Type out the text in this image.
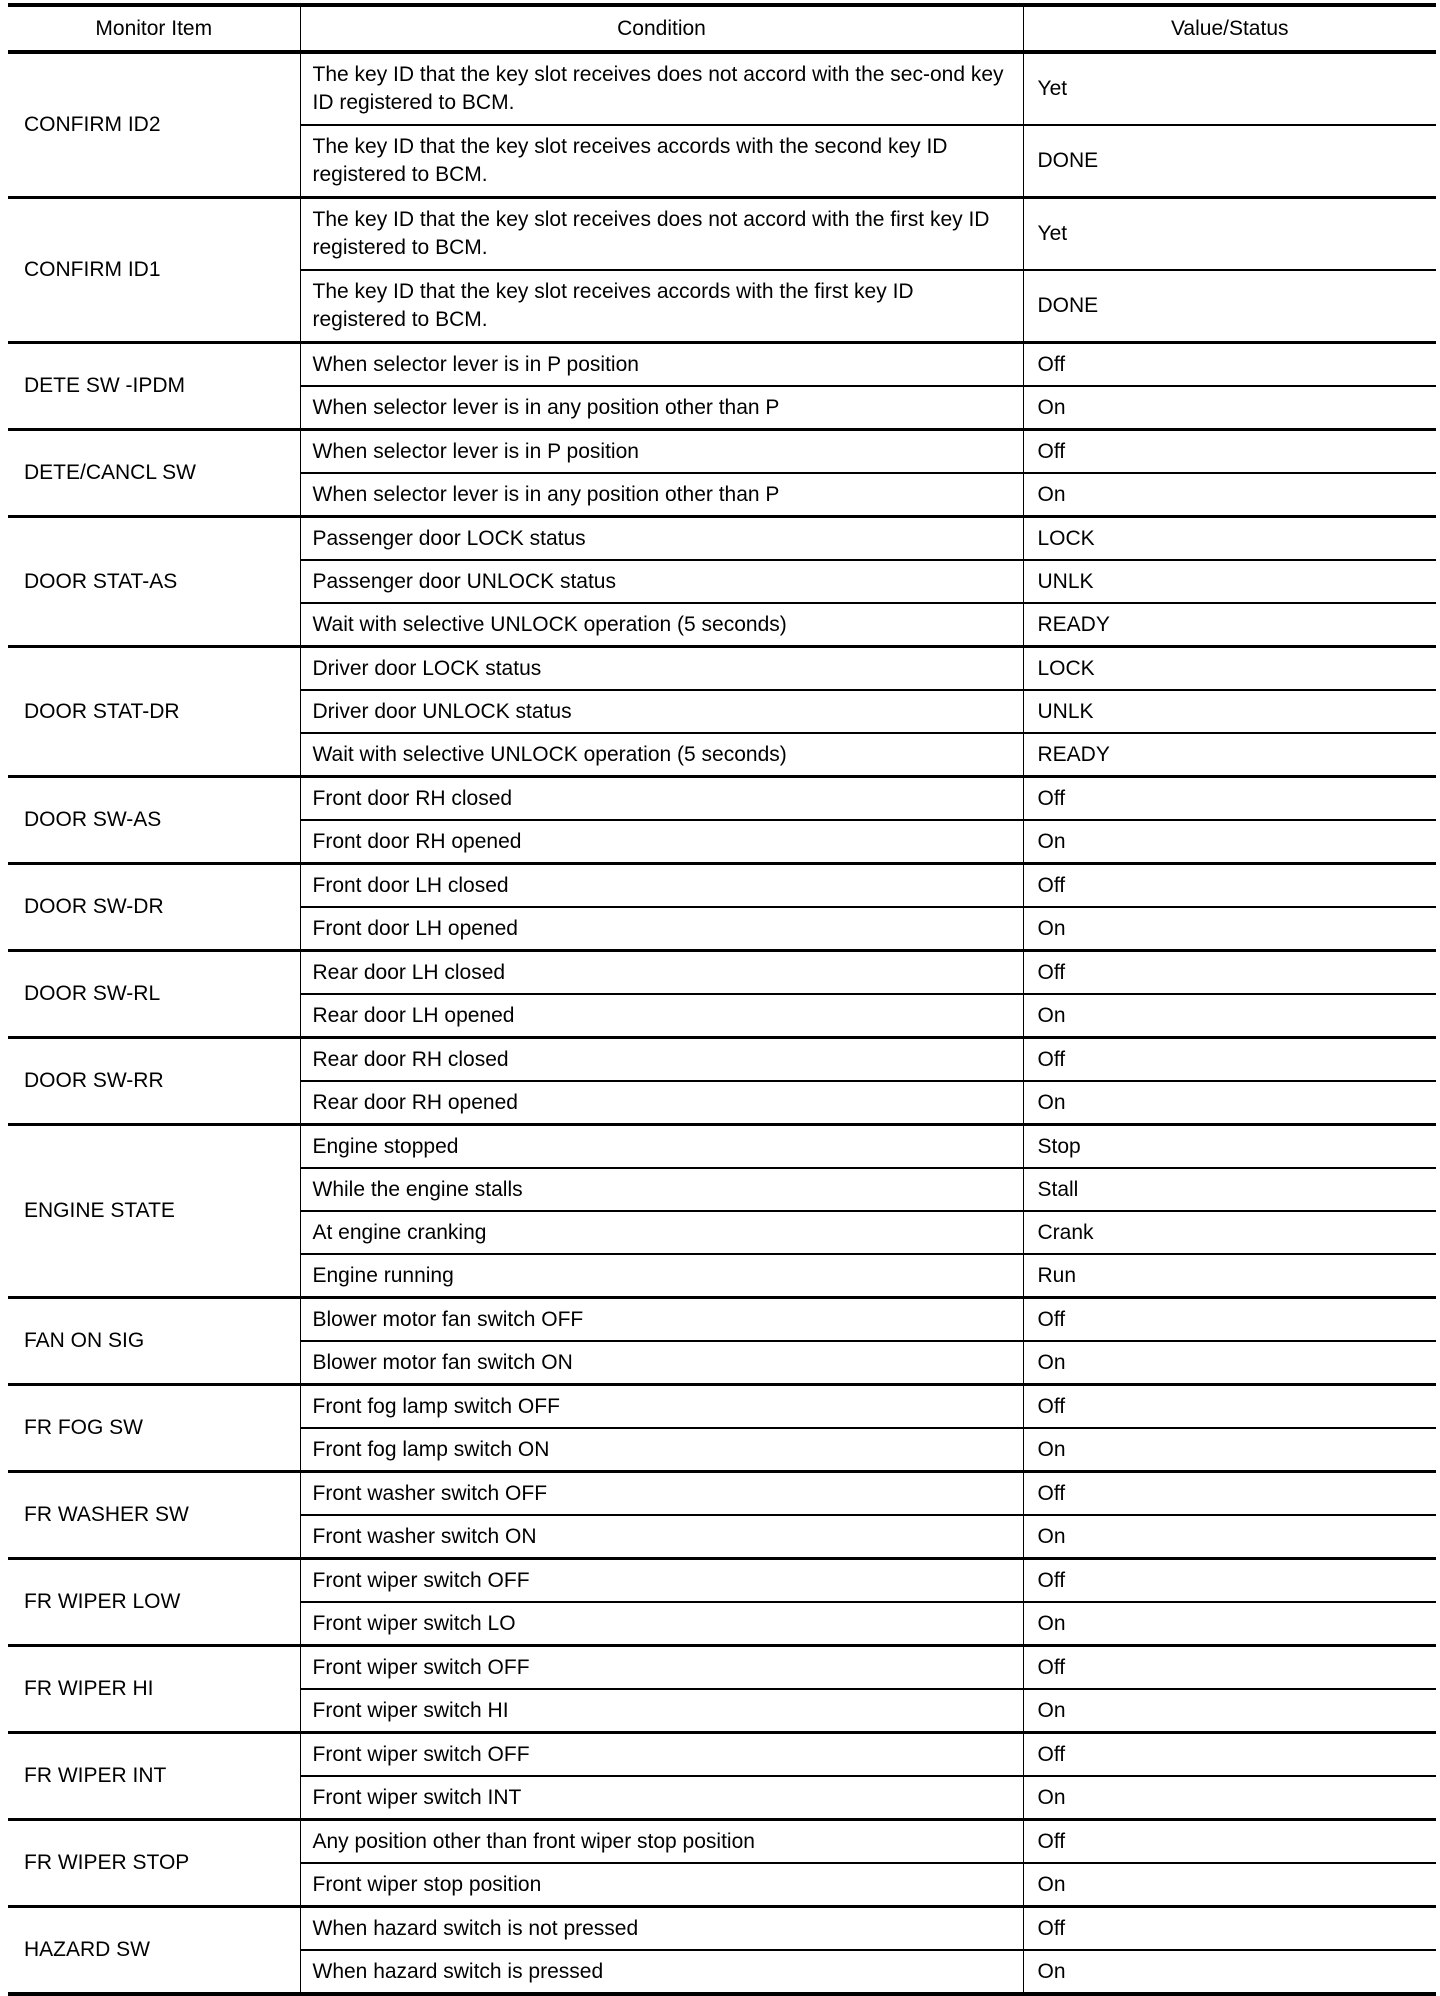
Monitor Item	Condition	Value/Status
CONFIRM ID2	The key ID that the key slot receives does not accord with the sec-ond key ID registered to BCM.	Yet
	The key ID that the key slot receives accords with the second key ID registered to BCM.	DONE
CONFIRM ID1	The key ID that the key slot receives does not accord with the first key ID registered to BCM.	Yet
	The key ID that the key slot receives accords with the first key ID registered to BCM.	DONE
DETE SW -IPDM	When selector lever is in P position	Off
	When selector lever is in any position other than P	On
DETE/CANCL SW	When selector lever is in P position	Off
	When selector lever is in any position other than P	On
DOOR STAT-AS	Passenger door LOCK status	LOCK
	Passenger door UNLOCK status	UNLK
	Wait with selective UNLOCK operation (5 seconds)	READY
DOOR STAT-DR	Driver door LOCK status	LOCK
	Driver door UNLOCK status	UNLK
	Wait with selective UNLOCK operation (5 seconds)	READY
DOOR SW-AS	Front door RH closed	Off
	Front door RH opened	On
DOOR SW-DR	Front door LH closed	Off
	Front door LH opened	On
DOOR SW-RL	Rear door LH closed	Off
	Rear door LH opened	On
DOOR SW-RR	Rear door RH closed	Off
	Rear door RH opened	On
ENGINE STATE	Engine stopped	Stop
	While the engine stalls	Stall
	At engine cranking	Crank
	Engine running	Run
FAN ON SIG	Blower motor fan switch OFF	Off
	Blower motor fan switch ON	On
FR FOG SW	Front fog lamp switch OFF	Off
	Front fog lamp switch ON	On
FR WASHER SW	Front washer switch OFF	Off
	Front washer switch ON	On
FR WIPER LOW	Front wiper switch OFF	Off
	Front wiper switch LO	On
FR WIPER HI	Front wiper switch OFF	Off
	Front wiper switch HI	On
FR WIPER INT	Front wiper switch OFF	Off
	Front wiper switch INT	On
FR WIPER STOP	Any position other than front wiper stop position	Off
	Front wiper stop position	On
HAZARD SW	When hazard switch is not pressed	Off
	When hazard switch is pressed	On
